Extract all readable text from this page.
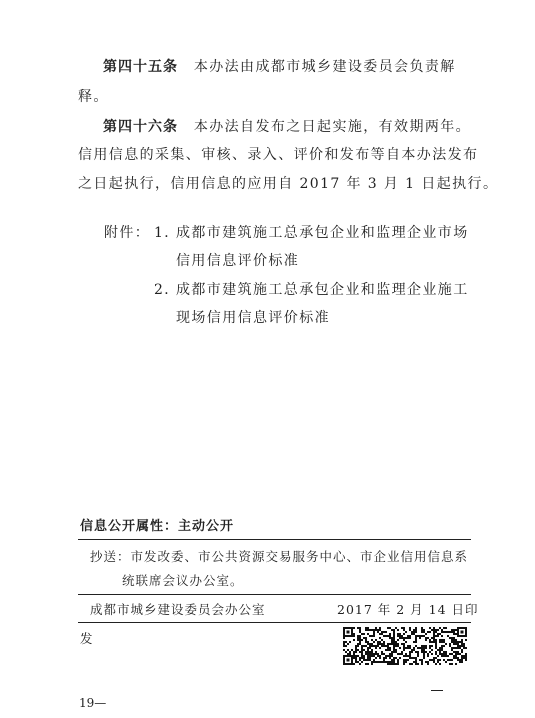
第四十五条 本办法由成都市城乡建设委员会负责解
释。
第四十六条 本办法自发布之日起实施，有效期两年。
信用信息的采集、审核、录入、评价和发布等自本办法发布
之日起执行，信用信息的应用自 2017 年 3 月 1 日起执行。
附件： 1．
成都市建筑施工总承包企业和监理企业市场
信用信息评价标准
2．
成都市建筑施工总承包企业和监理企业施工
现场信用信息评价标准
信息公开属性：主动公开
抄送：市发改委、市公共资源交易服务中心、市企业信用信息系
统联席会议办公室。
成都市城乡建设委员会办公室	2017 年 2 月 14 日印
发
19—
